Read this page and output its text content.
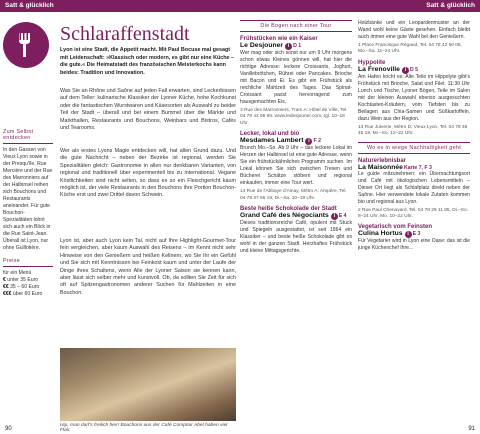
Satt & glücklich
Schlaraffenstadt
Lyon ist eine Stadt, die Appetit macht. Mit Paul Bocuse mal gesagt mit Leidenschaft: »Klassisch oder modern, es gibt nur eine Küche – die gute.« Die Heimatstadt des französischen Meisterkochs kann beides: Tradition und Innovation.
Was Sie an Rhône und Saône auf jeden Fall erwarten, sind Leckerbissen auf dem Teller: kulinarische Klassiker der Lyoner Küche, hohe Kochkunst oder die fantastischen Wurstwaren und Käsesorten als Auswahl zu beider Teil der Stadt – überall und bei einem Bummel über die Märkte und Markthallen, Restaurants und Bouchons, Weinbars und Bistros, Cafés und Tearooms.
Wer als erstes Lyons Magie entdecken will, hat allen Grund dazu. Und die gute Nachricht – neben der Bezirke ist regional, werden Sie Spezialitäten gleich: Gastronomie in allen nur denkbaren Varianten, von regional und traditionell über experimentell bis zu international. Vegane Köstlichkeiten sind nicht selten, so dass es so ein Fleischgericht kaum möglich ist, der viele Restaurants in den Bouchons ihre Portion Bouchon-Küche erst und zwei Drittel davon Schwein.
Lyon ist, aber auch Lyon kein Tal, nicht auf Ihre Highlight-Gourmet-Tour fein vergleichen, aber kaum Auswahl des Reisens – Im Kennt nicht sehr Hinweise von den Genießern und heißen Kellnern, wo Sie Ihr ein Gefühl und Sie sich mit Kenntnissen bei Feinkost kaum und unter der Laufe der Dinge ihres Schaltens, wenn Alle der Lyoner Saison sie kennen kann, aber lässt sich selber mehr und kunstvoll. Ob, da sollten Sie Zeit für sich oft auf Spitzengastronomen anderer Suchen für Mahlzeiten in eine Bouchon.
Zum Selbst entdecken
In den Gassen von Vieux Lyon sowie in der Presqu'île, Rue Mercière und der Rue des Marronniers auf der Halbinsel reihen sich Bouchons und Restaurants aneinander. Für gute Bouchon-Spezialitäten lohnt sich auch ein Blick in die Rue Saint-Jean. Überall ist Lyon, nur ohne Guillotière.
Preise
für ein Menü
€ unter 35 Euro
€€ 35 – 60 Euro
€€€ über 60 Euro
Hip, man darf's freilich hier! Bouchons aus der Café Comptoir Abel haben viel Flair.
90
Satt & glücklich
Die Bogen nach einer Tour
Frühstücken wie ein Kaiser
Le Desjouner i D 1
Wer mag oder sich sonst nur um 9 Uhr morgens schon etwas Kleines gönnen will, hat hier die richtige Adresse: leckere Croissants, Joghurt, Vanillebrötchen, Rührei oder Pancakes. Brioche mit Bacon und Ei. Es gibt ein Frühstück als reichliche Mahlzeit des Tages. Das Spinat-Croissant passt hervorragend zum hausgemachten Eis.
3 Rue des Marronniers, Tram A: Hôtel de Ville, Tel. 04 78 42 96 96, www.ledesjouner.com, tgl. 10–18 Uhr.
Lecker, lokal und bio
Mesdames Lambert i F 2
Brunch Mo.–So. Ab 9 Uhr – das leckere Lokal im Herzen der Halbinsel ist eine gute Adresse, wenn Sie ein frühstückähnliches Programm suchen. Im Lokal können Sie sich zwischen Tresen und Bücherei Schätze stöbern und regional einkaufen, immer eine Tour wert.
14 Rue de l'Abbaye d'Ainay, Métro A: Ampère, Tel. 04 78 37 65 19, Di.–Sa. 10–19 Uhr.
Beste heiße Schokolade der Stadt
Grand Café des Négociants i E 4
Dieses traditionsreiche Café, opulent mit Stuck und Spiegeln ausgestattet, ist seit 1864 ein Klassiker – und beste heiße Schokolade gibt es wohl in der ganzen Stadt. Herzhaftes Frühstück und kleine Mittagsgerichte.
Holzbänke und ein Leopardenmuster an der Wand wohl keine Gäste gesehen. Einfach bleibt auch immer eine gute Wahl bei den Genießern.
1 Place Francisque Régaud, Tel. 04 78 42 50 05, Mo.–Sa. 11–24 Uhr.
Hyppolite
La Frenoville i D 5
Am Hafen kocht es: Alte Teile im Hippolyte gibt's Frühstück mit Brioche, Salat und Filet. 11:30 Uhr Lunch und Tische, Lyoner Bögen, Teile im Salon mit der kleinen Auswahl ebenso ausgesuchten Kochtasten-Kräutern, vom Tiefsten bis zu Beilagen aus Chia-Samen und Süßkartoffeln, dazu Wein aus der Region.
13 Rue Juiverie, Métro D: Vieux Lyon, Tel. 04 78 38 45 18, Mi.–So. 12–22 Uhr.
Wo es in wiege Nachhaltigkeit geht
Naturerlebnisbar
La MaisonnéeKarte 7, F 3
Le guide mitzunehmen: ein Übernachtungsort und Café mit ökologischen Lebensmitteln – Dieser Ort liegt als Schlafplatz direkt neben der Saône. Hier verwendete lokale Zutaten kommen bio und regional aus Lyon.
2 Rue Paul Chenavard, Tel. 04 78 29 11 85, Di.–So. 8–24 Uhr, Mo. 10–22 Uhr.
Vegetarisch vom Feinsten
Culina Hortus i E 3
Für Vegetarier wird in Lyon eine Oase: das ist die junge Küchenchef Ihre...
91
